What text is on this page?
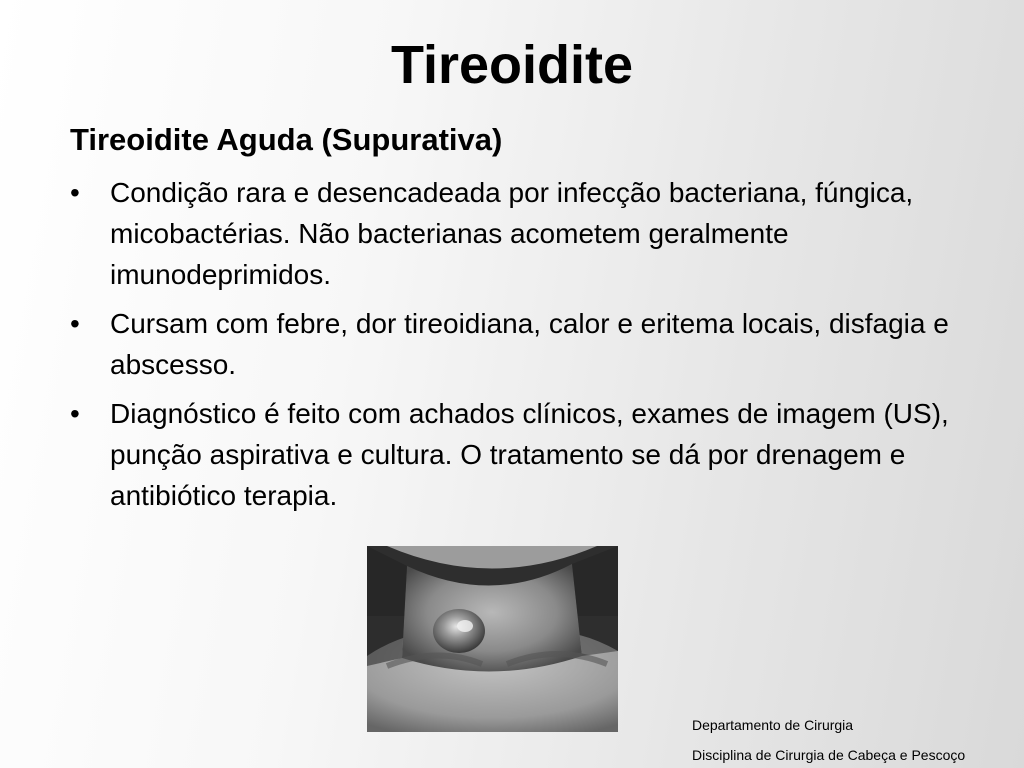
Tireoidite
Tireoidite Aguda (Supurativa)
• Condição rara e desencadeada por infecção bacteriana, fúngica, micobactérias. Não bacterianas acometem geralmente imunodeprimidos.
• Cursam com febre, dor tireoidiana, calor e eritema locais, disfagia e abscesso.
• Diagnóstico é feito com achados clínicos, exames de imagem (US), punção aspirativa e cultura. O tratamento se dá por drenagem e antibiótico terapia.
Departamento de Cirurgia
Disciplina de Cirurgia de Cabeça e Pescoço
